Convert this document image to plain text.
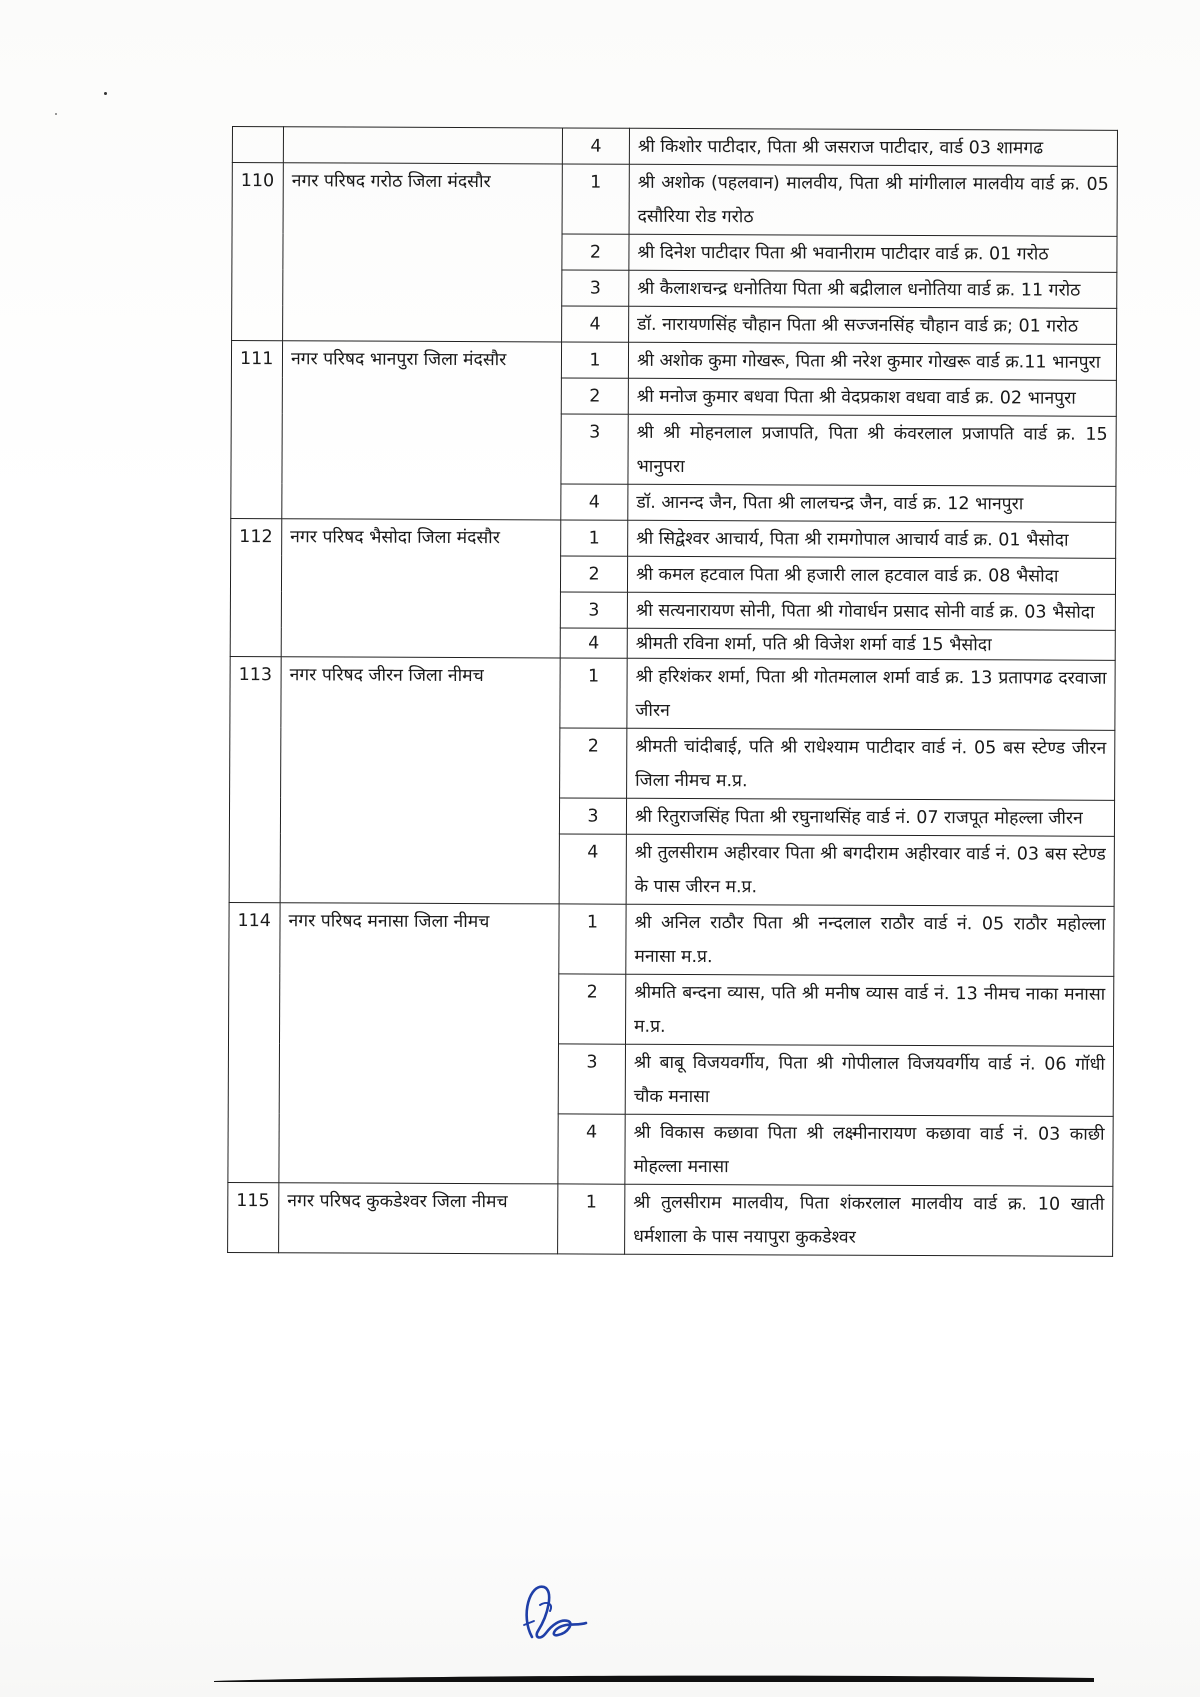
		4	श्री किशोर पाटीदार, पिता श्री जसराज पाटीदार, वार्ड 03 शामगढ
110	नगर परिषद गरोठ जिला मंदसौर	1	श्री अशोक (पहलवान) मालवीय, पिता श्री मांगीलाल मालवीय वार्ड क्र. 05 दसौरिया रोड गरोठ
		2	श्री दिनेश पाटीदार पिता श्री भवानीराम पाटीदार वार्ड क्र. 01 गरोठ
		3	श्री कैलाशचन्द्र धनोतिया पिता श्री बद्रीलाल धनोतिया वार्ड क्र. 11 गरोठ
		4	डॉ. नारायणसिंह चौहान पिता श्री सज्जनसिंह चौहान वार्ड क्र; 01 गरोठ
111	नगर परिषद भानपुरा जिला मंदसौर	1	श्री अशोक कुमा गोखरू, पिता श्री नरेश कुमार गोखरू वार्ड क्र.11 भानपुरा
		2	श्री मनोज कुमार बधवा पिता श्री वेदप्रकाश वधवा वार्ड क्र. 02 भानपुरा
		3	श्री श्री मोहनलाल प्रजापति, पिता श्री कंवरलाल प्रजापति वार्ड क्र. 15 भानुपरा
		4	डॉ. आनन्द जैन, पिता श्री लालचन्द्र जैन, वार्ड क्र. 12 भानपुरा
112	नगर परिषद भैसोदा जिला मंदसौर	1	श्री सिद्वेश्वर आचार्य, पिता श्री रामगोपाल आचार्य वार्ड क्र. 01 भैसोदा
		2	श्री कमल हटवाल पिता श्री हजारी लाल हटवाल वार्ड क्र. 08 भैसोदा
		3	श्री सत्यनारायण सोनी, पिता श्री गोवार्धन प्रसाद सोनी वार्ड क्र. 03 भैसोदा
		4	श्रीमती रविना शर्मा, पति श्री विजेश शर्मा वार्ड 15 भैसोदा
113	नगर परिषद जीरन जिला नीमच	1	श्री हरिशंकर शर्मा, पिता श्री गोतमलाल शर्मा वार्ड क्र. 13 प्रतापगढ दरवाजा जीरन
		2	श्रीमती चांदीबाई, पति श्री राधेश्याम पाटीदार वार्ड नं. 05 बस स्टेण्ड जीरन जिला नीमच म.प्र.
		3	श्री रितुराजसिंह पिता श्री रघुनाथसिंह वार्ड नं. 07 राजपूत मोहल्ला जीरन
		4	श्री तुलसीराम अहीरवार पिता श्री बगदीराम अहीरवार वार्ड नं. 03 बस स्टेण्ड के पास जीरन म.प्र.
114	नगर परिषद मनासा जिला नीमच	1	श्री अनिल राठौर पिता श्री नन्दलाल राठौर वार्ड नं. 05 राठौर महोल्ला मनासा म.प्र.
		2	श्रीमति बन्दना व्यास, पति श्री मनीष व्यास वार्ड नं. 13 नीमच नाका मनासा म.प्र.
		3	श्री बाबू विजयवर्गीय, पिता श्री गोपीलाल विजयवर्गीय वार्ड नं. 06 गॉधी चौक मनासा
		4	श्री विकास कछावा पिता श्री लक्ष्मीनारायण कछावा वार्ड नं. 03 काछी मोहल्ला मनासा
115	नगर परिषद कुकडेश्वर जिला नीमच	1	श्री तुलसीराम मालवीय, पिता शंकरलाल मालवीय वार्ड क्र. 10 खाती धर्मशाला के पास नयापुरा कुकडेश्वर
